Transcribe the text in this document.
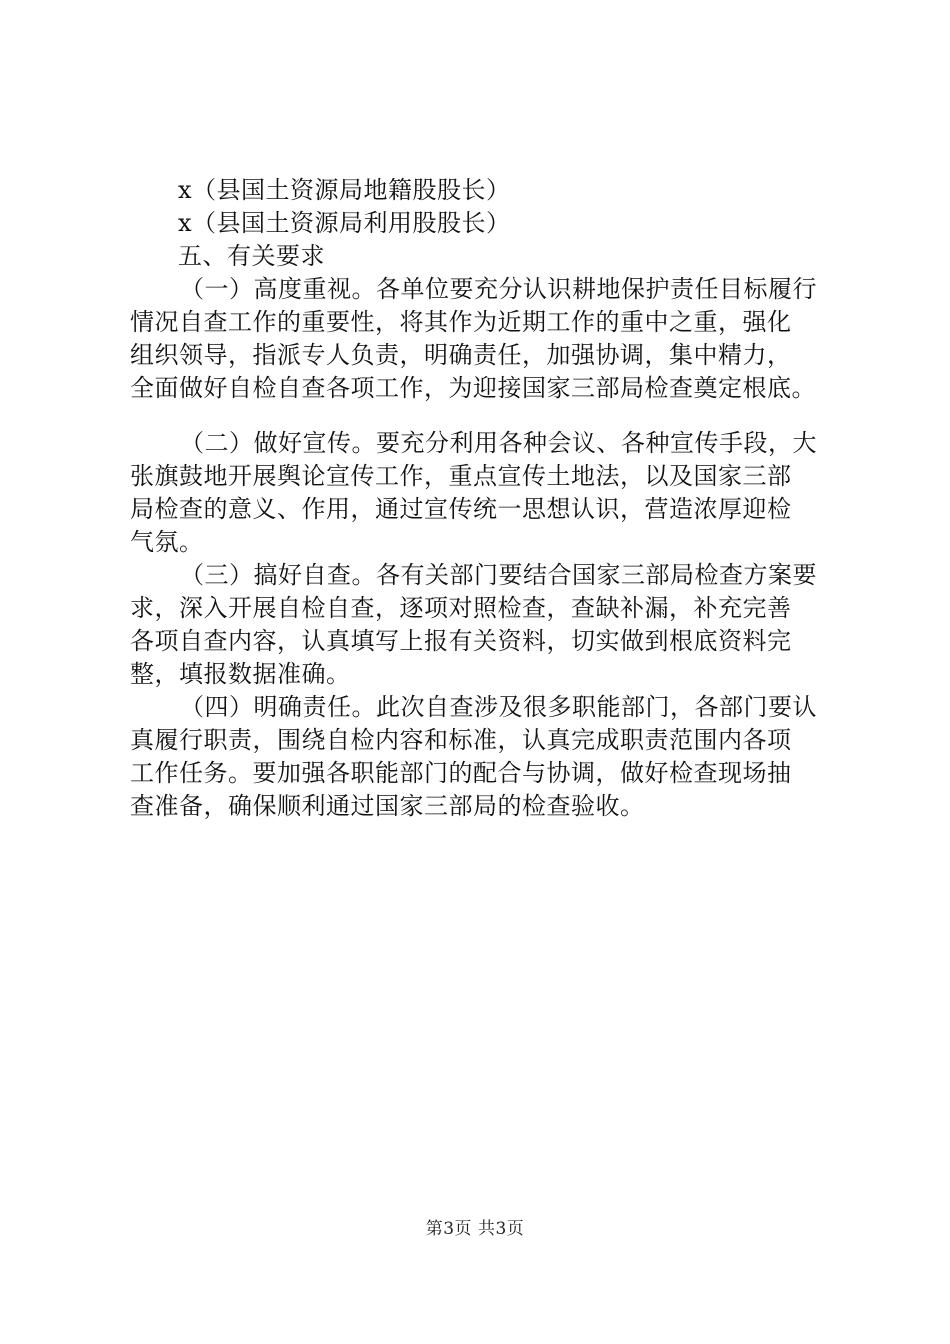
x（县国土资源局地籍股股长）

x（县国土资源局利用股股长）

五、有关要求

（一）高度重视。各单位要充分认识耕地保护责任目标履行

情况自查工作的重要性，将其作为近期工作的重中之重，强化

组织领导，指派专人负责，明确责任，加强协调，集中精力，

全面做好自检自查各项工作，为迎接国家三部局检查奠定根底。

（二）做好宣传。要充分利用各种会议、各种宣传手段，大

张旗鼓地开展舆论宣传工作，重点宣传土地法，以及国家三部

局检查的意义、作用，通过宣传统一思想认识，营造浓厚迎检

气氛。

（三）搞好自查。各有关部门要结合国家三部局检查方案要

求，深入开展自检自查，逐项对照检查，查缺补漏，补充完善

各项自查内容，认真填写上报有关资料，切实做到根底资料完

整，填报数据准确。

（四）明确责任。此次自查涉及很多职能部门，各部门要认

真履行职责，围绕自检内容和标准，认真完成职责范围内各项

工作任务。要加强各职能部门的配合与协调，做好检查现场抽

查准备，确保顺利通过国家三部局的检查验收。

第3页 共3页
